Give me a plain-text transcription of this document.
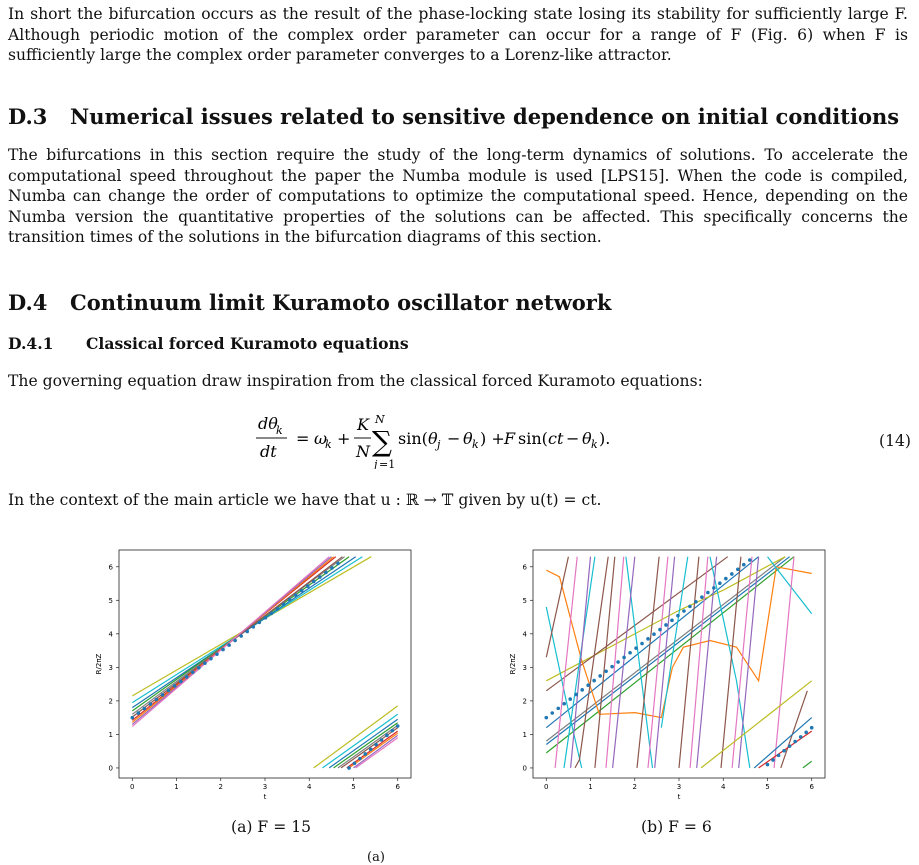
In short the bifurcation occurs as the result of the phase-locking state losing its stability for sufficiently large F. Although periodic motion of the complex order parameter can occur for a range of F (Fig. 6) when F is sufficiently large the complex order parameter converges to a Lorenz-like attractor.

D.3 Numerical issues related to sensitive dependence on initial conditions

The bifurcations in this section require the study of the long-term dynamics of solutions. To accelerate the computational speed throughout the paper the Numba module is used [LPS15]. When the code is compiled, Numba can change the order of computations to optimize the computational speed. Hence, depending on the Numba version the quantitative properties of the solutions can be affected. This specifically concerns the transition times of the solutions in the bifurcation diagrams of this section.

D.4 Continuum limit Kuramoto oscillator network
D.4.1 Classical forced Kuramoto equations

The governing equation draw inspiration from the classical forced Kuramoto equations:

dθ
k
dt
= ω
k +
K
N
N
∑
j =1
sin( θ j − θ k ) + F sin( ct − θ k ).	(14)

In the context of the main article we have that u : ℝ → 𝕋 given by u(t) = ct.

0	1	2	3	4	5	6
0
1
2
3
4
5
6
t
R/2πZ
(a) F = 15
0	1	2	3	4	5	6
0
1
2
3
4
5
6
t
R/2πZ
(b) F = 6
(a)
